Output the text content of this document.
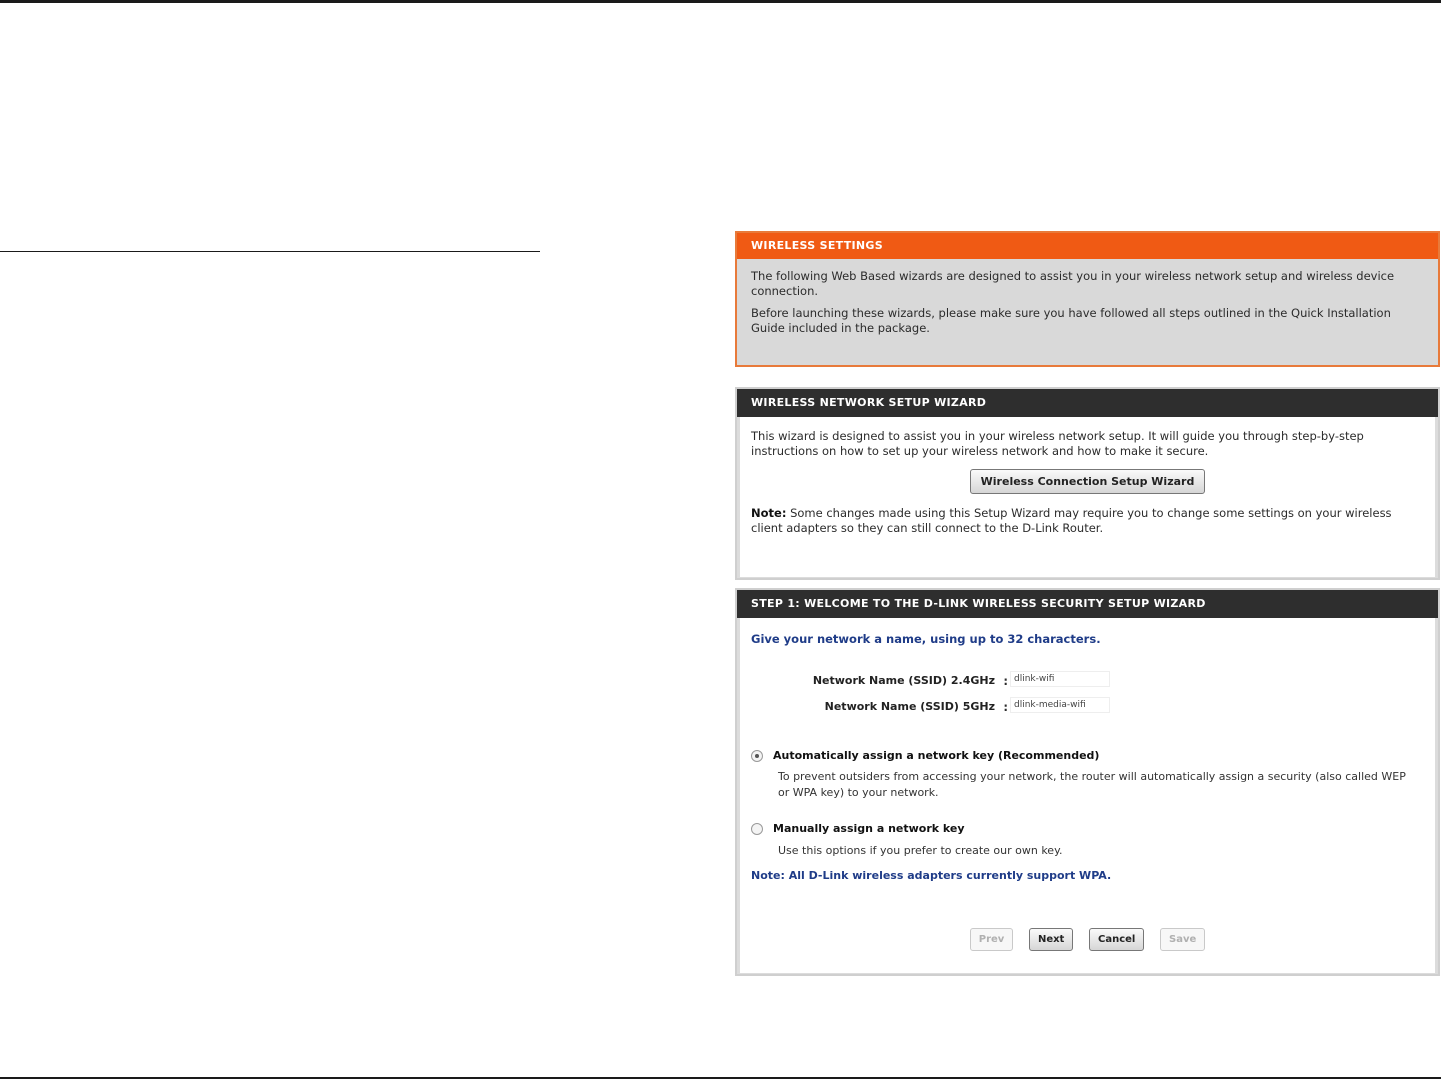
WIRELESS SETTINGS

The following Web Based wizards are designed to assist you in your wireless network setup and wireless device connection.

Before launching these wizards, please make sure you have followed all steps outlined in the Quick Installation Guide included in the package.

WIRELESS NETWORK SETUP WIZARD

This wizard is designed to assist you in your wireless network setup. It will guide you through step-by-step instructions on how to set up your wireless network and how to make it secure.

Wireless Connection Setup Wizard

Note: Some changes made using this Setup Wizard may require you to change some settings on your wireless client adapters so they can still connect to the D-Link Router.

STEP 1: WELCOME TO THE D-LINK WIRELESS SECURITY SETUP WIZARD
Give your network a name, using up to 32 characters.
Network Name (SSID) 2.4GHz :
dlink-wifi
Network Name (SSID) 5GHz :
dlink-media-wifi
Automatically assign a network key (Recommended)
To prevent outsiders from accessing your network, the router will automatically assign a security (also called WEP or WPA key) to your network.
Manually assign a network key
Use this options if you prefer to create our own key.
Note: All D-Link wireless adapters currently support WPA.
Prev	Next	Cancel	Save
